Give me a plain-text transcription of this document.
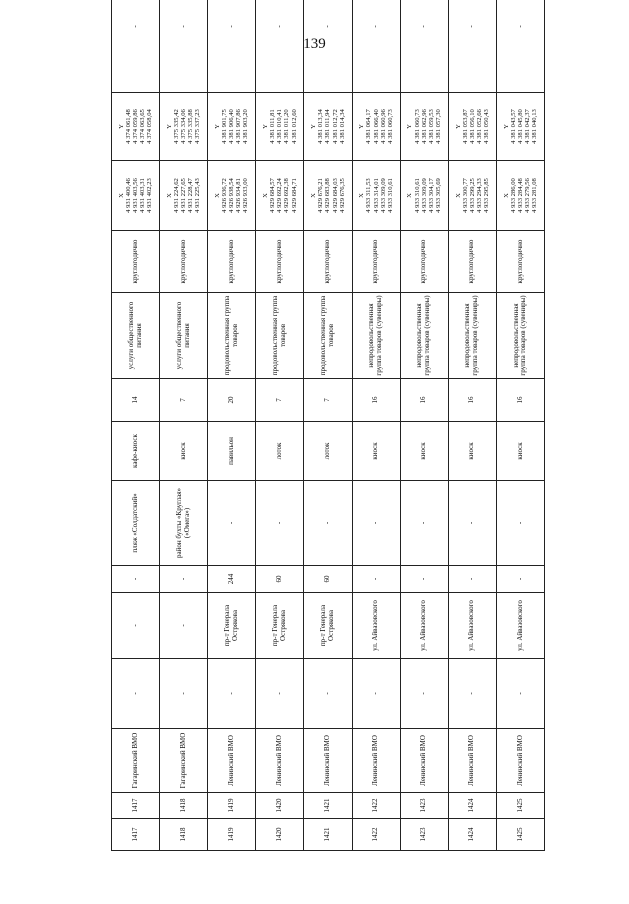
139
1417	1417	Гагаринский ВМО	-	-	-	пляж «Солдатский»	кафе-киоск	14	услуги общественного питания	круглогодично	X 4 931 400,46 4 931 403,56 4 931 403,31 4 931 402,23	Y 4 374 061,48 4 374 059,86 4 374 063,65 4 374 058,04	-
1418	1418	Гагаринский ВМО	-	-	-	район бухты «Круглая» («Омега»)	киоск	7	услуги общественного питания	круглогодично	X 4 931 224,62 4 931 227,65 4 931 228,47 4 931 225,43	Y 4 375 335,42 4 375 334,06 4 375 335,88 4 375 337,23	-
1419	1419	Ленинский ВМО	-	пр-т Генерала Острякова	244	-	павильон	20	продовольственная группа товаров	круглогодично	X 4 926 936,72 4 926 938,54 4 926 934,81 4 926 933,00	Y 4 381 901,75 4 381 906,40 4 381 907,86 4 381 903,20	-
1420	1420	Ленинский ВМО	-	пр-т Генерала Острякова	60	-	лоток	7	продовольственная группа товаров	круглогодично	X 4 929 684,57 4 929 692,24 4 929 692,38 4 929 684,71	Y 4 381 011,81 4 381 010,41 4 381 011,20 4 381 012,60	-
1421	1421	Ленинский ВМО	-	пр-т Генерала Острякова	60	-	лоток	7	продовольственная группа товаров	круглогодично	X 4 929 676,21 4 929 683,88 4 929 684,03 4 929 676,35	Y 4 381 013,34 4 381 011,94 4 381 012,72 4 381 014,34	-
1422	1422	Ленинский ВМО	-	ул. Айвазовского	-	-	киоск	16	непродовольственная группа товаров (сувениры)	круглогодично	X 4 933 311,53 4 933 314,01 4 933 309,09 4 933 310,61	Y 4 381 064,17 4 381 066,40 4 381 060,96 4 381 060,73	-
1423	1423	Ленинский ВМО	-	ул. Айвазовского	-	-	киоск	16	непродовольственная группа товаров (сувениры)	круглогодично	X 4 933 310,61 4 933 309,09 4 933 304,17 4 933 305,69	Y 4 381 060,73 4 381 062,96 4 381 059,53 4 381 057,30	-
1424	1424	Ленинский ВМО	-	ул. Айвазовского	-	-	киоск	16	непродовольственная группа товаров (сувениры)	круглогодично	X 4 933 300,77 4 933 299,25 4 933 294,33 4 933 295,85	Y 4 381 053,87 4 381 056,10 4 381 052,66 4 381 050,43	-
1425	1425	Ленинский ВМО	-	ул. Айвазовского	-	-	киоск	16	непродовольственная группа товаров (сувениры)	круглогодично	X 4 933 286,00 4 933 284,48 4 933 279,56 4 933 281,08	Y 4 381 043,57 4 381 045,80 4 381 042,37 4 381 040,13	-
